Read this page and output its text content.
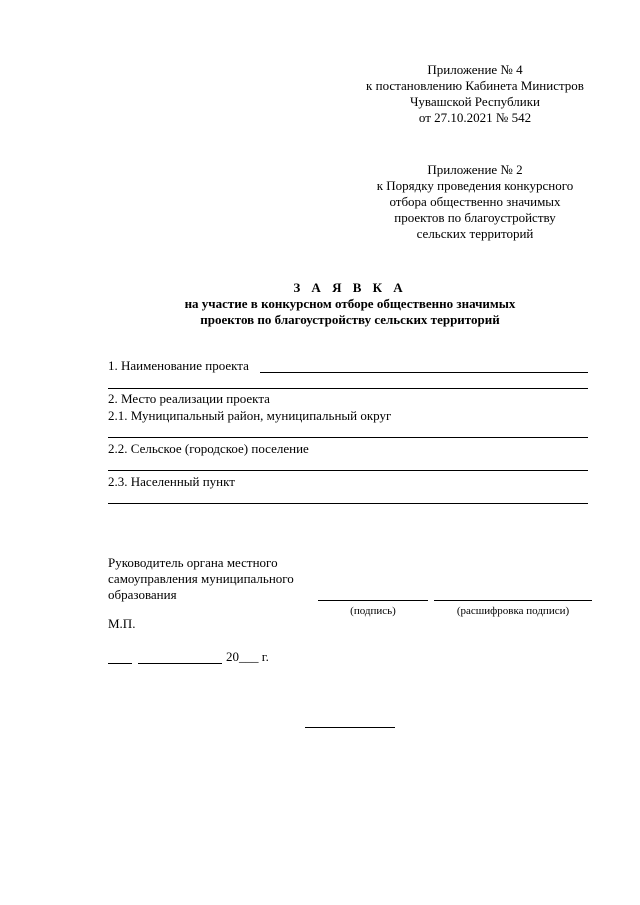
Приложение № 4
к постановлению Кабинета Министров
Чувашской Республики
от 27.10.2021 № 542
Приложение № 2
к Порядку проведения конкурсного
отбора общественно значимых
проектов по благоустройству
сельских территорий
З А Я В К А
на участие в конкурсном отборе общественно значимых
проектов по благоустройству сельских территорий
1. Наименование проекта
2. Место реализации проекта
2.1. Муниципальный район, муниципальный округ
2.2. Сельское (городское) поселение
2.3. Населенный пункт
Руководитель органа местного
самоуправления муниципального
образования
(подпись)	(расшифровка подписи)
М.П.
20___ г.
